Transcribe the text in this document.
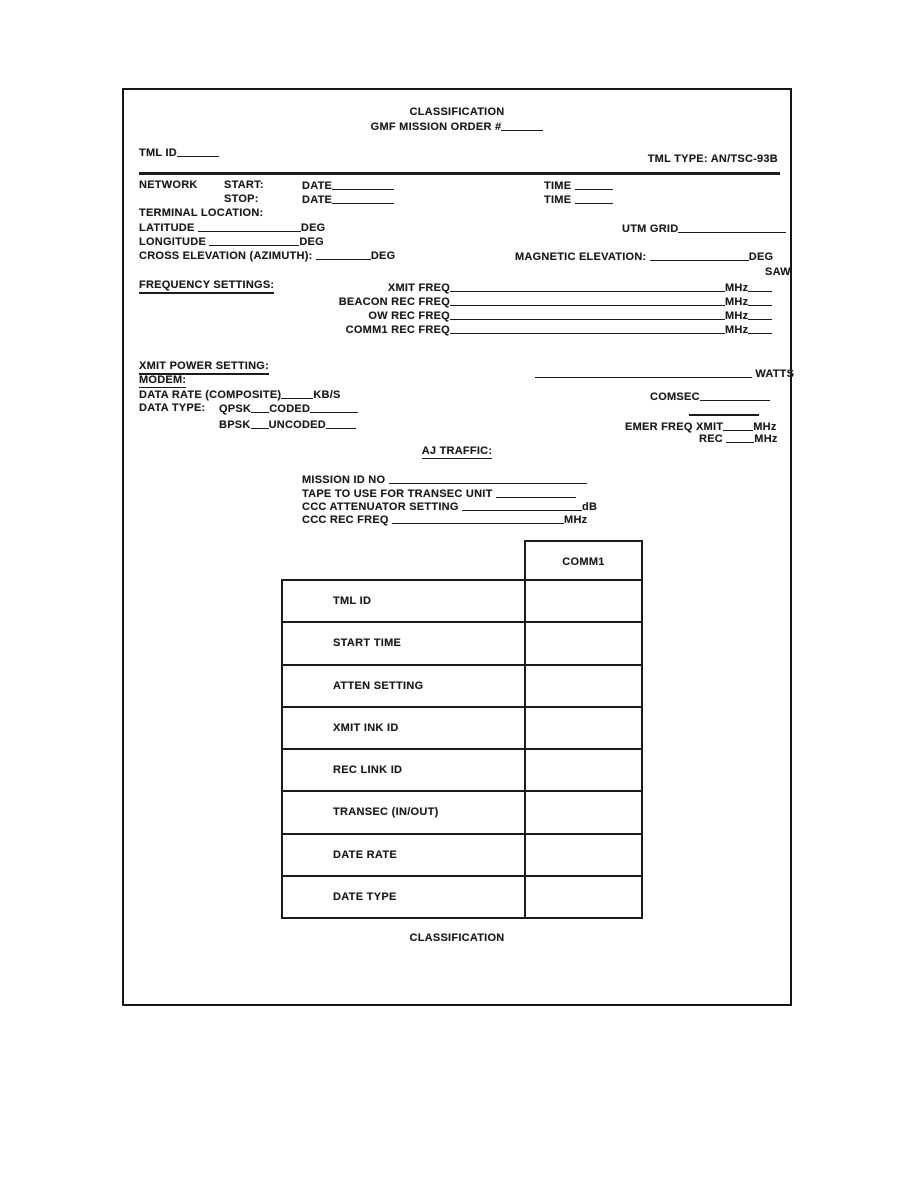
CLASSIFICATION
GMF MISSION ORDER #
TML ID	TML TYPE: AN/TSC-93B
NETWORK START:	DATE	TIME
STOP:	DATE	TIME
TERMINAL LOCATION:
LATITUDE	DEG	UTM GRID
LONGITUDE	DEG
CROSS ELEVATION (AZIMUTH):	DEG	MAGNETIC ELEVATION:	DEG
SAW
FREQUENCY SETTINGS:	XMIT FREQ	MHz
BEACON REC FREQ	MHz
OW REC FREQ	MHz
COMM1 REC FREQ	MHz
XMIT POWER SETTING:
WATTS
MODEM:
DATA RATE (COMPOSITE)	KB/S	COMSEC
DATA TYPE: QPSK CODED
BPSK UNCODED	EMER FREQ XMIT	MHz
REC	MHz
AJ TRAFFIC:
MISSION ID NO
TAPE TO USE FOR TRANSEC UNIT
CCC ATTENUATOR SETTING	dB
CCC REC FREQ	MHz
COMM1
TML ID
START TIME
ATTEN SETTING
XMIT INK ID
REC LINK ID
TRANSEC (IN/OUT)
DATE RATE
DATE TYPE
CLASSIFICATION
